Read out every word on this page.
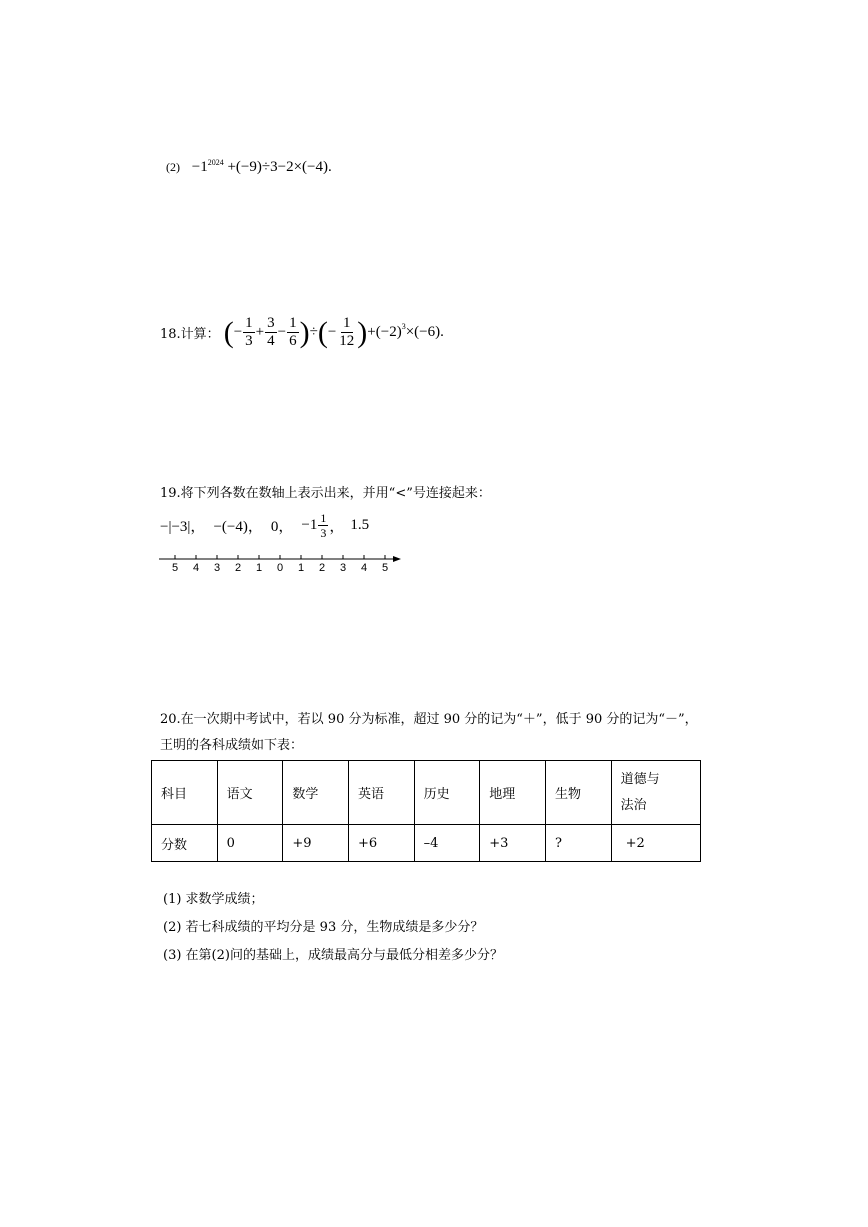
$(2) -1^{2024} +(-9)\div 3-2\times(-4)$.
18.计算： ( − $\frac{1}{3} + \frac{3}{4} - \frac{1}{6}$ ) ÷ ( − $\frac{1}{12}$ ) +(−2) 3 ×(−6).
19.将下列各数在数轴上表示出来，并用“<”号连接起来：
−|−3|， −(−4)， 0， $-1 \frac{1}{3}$ ， 1.5
5 4 3 2 1 0 1 2 3 4 5
20.在一次期中考试中，若以 90 分为标准，超过 90 分的记为“＋”，低于 90 分的记为“－”，
王明的各科成绩如下表：
科目	语文	数学	英语	历史	地理	生物	道德与
法治
分数	0	+9	+6	–4	+3	?	+2
(1) 求数学成绩；
(2) 若七科成绩的平均分是 93 分，生物成绩是多少分？
(3) 在第(2)问的基础上，成绩最高分与最低分相差多少分？
